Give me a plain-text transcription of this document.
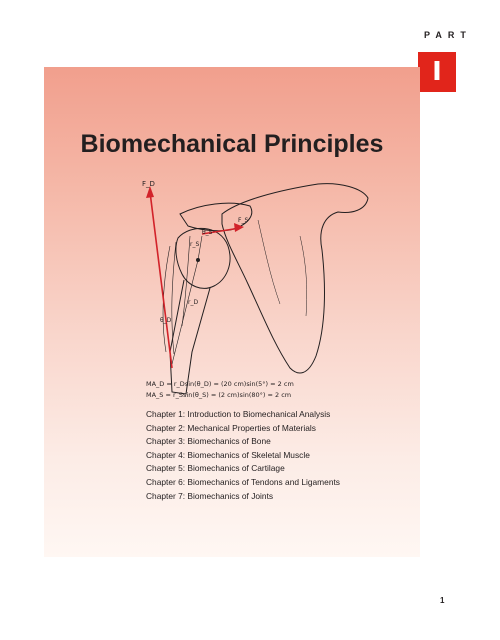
PART
I
Biomechanical Principles
F_D
F_S
θ_S
r_S
r_D
θ_D
MA_D = r_Dsin(θ_D) = (20 cm)sin(5°) = 2 cm
MA_S = r_Ssin(θ_S) = (2 cm)sin(80°) = 2 cm
Chapter 1: Introduction to Biomechanical Analysis
Chapter 2: Mechanical Properties of Materials
Chapter 3: Biomechanics of Bone
Chapter 4: Biomechanics of Skeletal Muscle
Chapter 5: Biomechanics of Cartilage
Chapter 6: Biomechanics of Tendons and Ligaments
Chapter 7: Biomechanics of Joints
1
